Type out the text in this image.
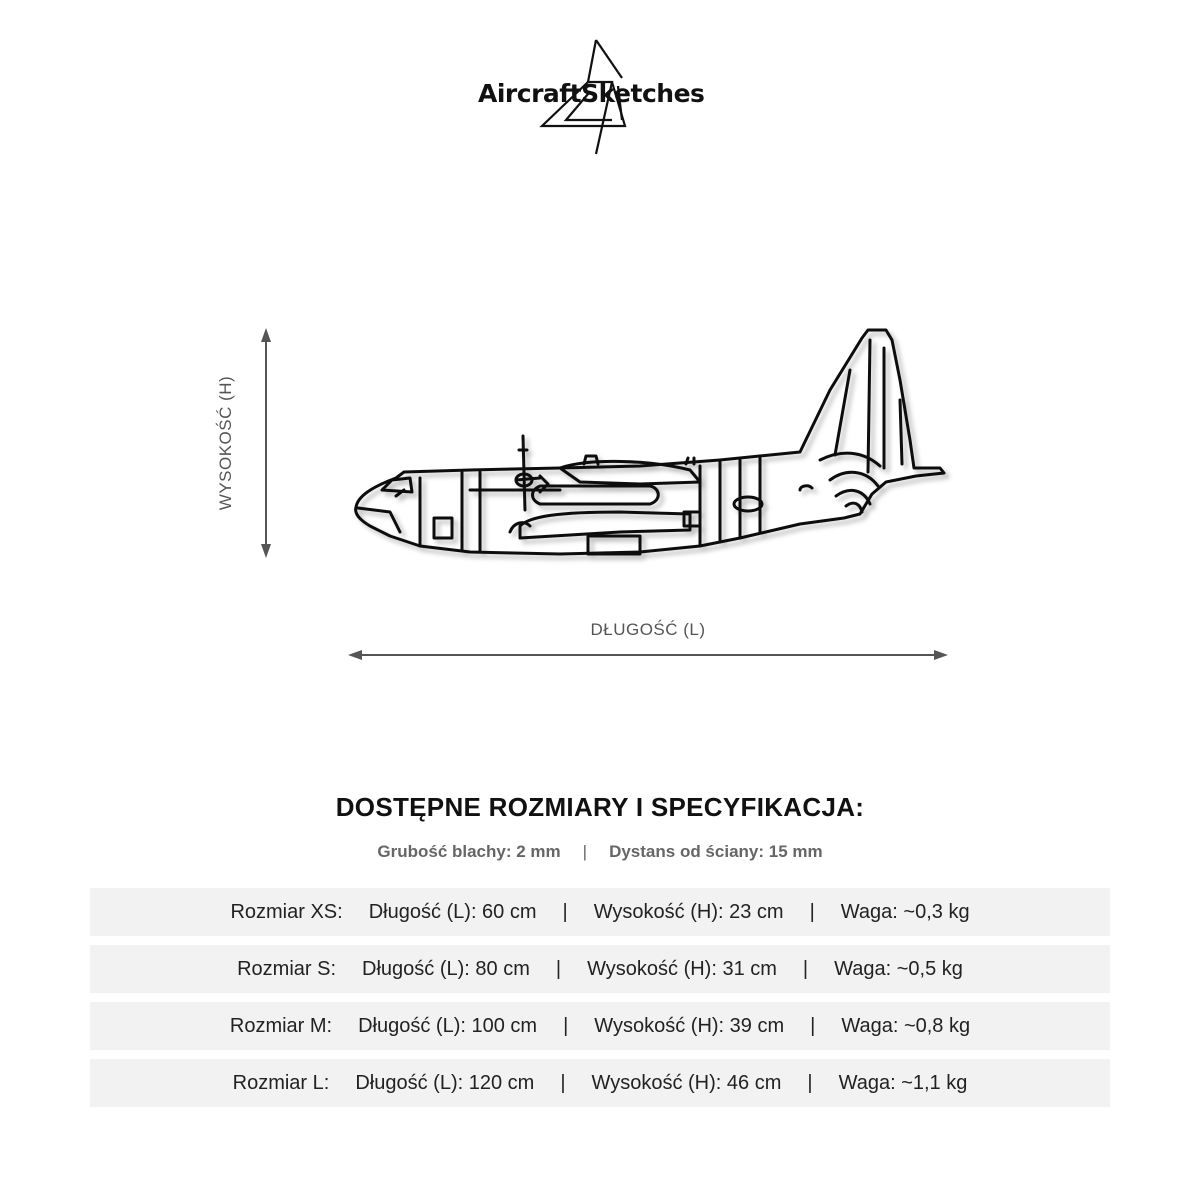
AircraftSketches
WYSOKOŚĆ (H)
DŁUGOŚĆ (L)
DOSTĘPNE ROZMIARY I SPECYFIKACJA:
Grubość blachy: 2 mm | Dystans od ściany: 15 mm
Rozmiar XS: Długość (L): 60 cm | Wysokość (H): 23 cm | Waga: ~0,3 kg
Rozmiar S: Długość (L): 80 cm | Wysokość (H): 31 cm | Waga: ~0,5 kg
Rozmiar M: Długość (L): 100 cm | Wysokość (H): 39 cm | Waga: ~0,8 kg
Rozmiar L: Długość (L): 120 cm | Wysokość (H): 46 cm | Waga: ~1,1 kg
